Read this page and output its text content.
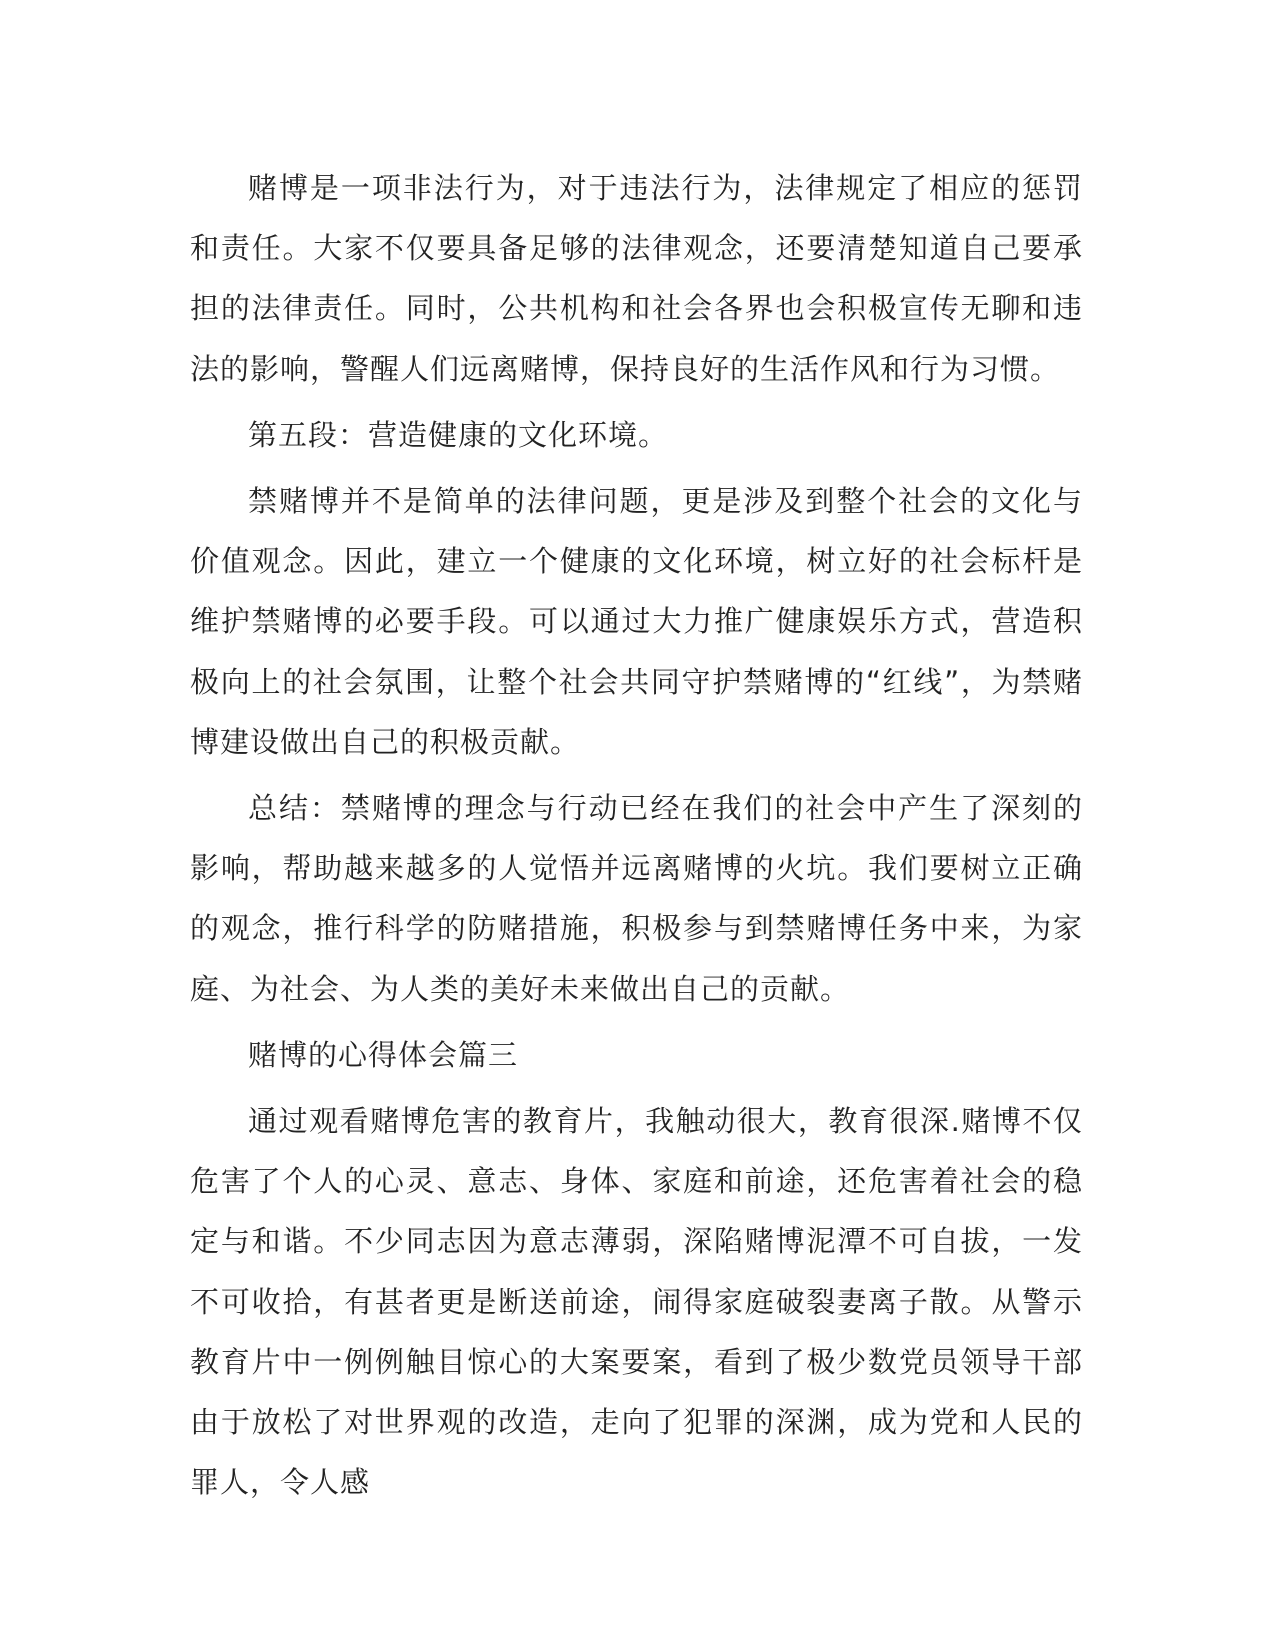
赌博是一项非法行为，对于违法行为，法律规定了相应的惩罚和责任。大家不仅要具备足够的法律观念，还要清楚知道自己要承担的法律责任。同时，公共机构和社会各界也会积极宣传无聊和违法的影响，警醒人们远离赌博，保持良好的生活作风和行为习惯。

第五段：营造健康的文化环境。

禁赌博并不是简单的法律问题，更是涉及到整个社会的文化与价值观念。因此，建立一个健康的文化环境，树立好的社会标杆是维护禁赌博的必要手段。可以通过大力推广健康娱乐方式，营造积极向上的社会氛围，让整个社会共同守护禁赌博的“红线”，为禁赌博建设做出自己的积极贡献。

总结：禁赌博的理念与行动已经在我们的社会中产生了深刻的影响，帮助越来越多的人觉悟并远离赌博的火坑。我们要树立正确的观念，推行科学的防赌措施，积极参与到禁赌博任务中来，为家庭、为社会、为人类的美好未来做出自己的贡献。

赌博的心得体会篇三

通过观看赌博危害的教育片，我触动很大，教育很深.赌博不仅危害了个人的心灵、意志、身体、家庭和前途，还危害着社会的稳定与和谐。不少同志因为意志薄弱，深陷赌博泥潭不可自拔，一发不可收拾，有甚者更是断送前途，闹得家庭破裂妻离子散。从警示教育片中一例例触目惊心的大案要案，看到了极少数党员领导干部由于放松了对世界观的改造，走向了犯罪的深渊，成为党和人民的罪人，令人感
